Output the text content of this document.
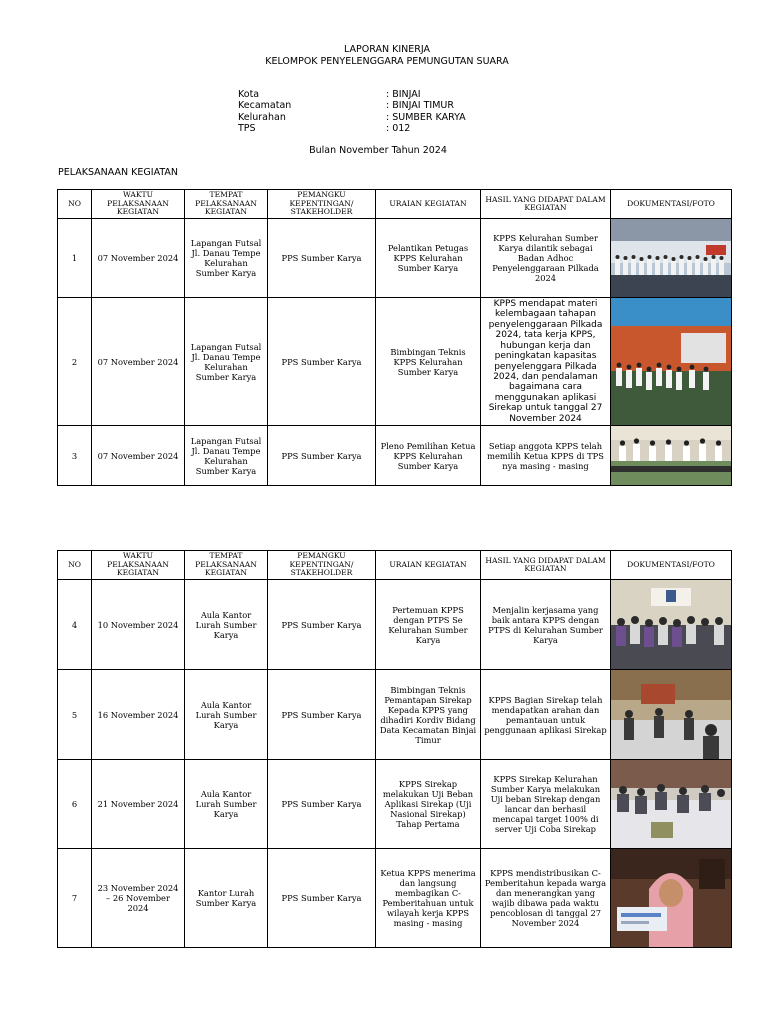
LAPORAN KINERJA
KELOMPOK PENYELENGGARA PEMUNGUTAN SUARA
Kota	: BINJAI
Kecamatan	: BINJAI TIMUR
Kelurahan	: SUMBER KARYA
TPS	: 012
Bulan November Tahun 2024
PELAKSANAAN KEGIATAN
NO	WAKTU PELAKSANAAN KEGIATAN	TEMPAT PELAKSANAAN KEGIATAN	PEMANGKU KEPENTINGAN/ STAKEHOLDER	URAIAN KEGIATAN	HASIL YANG DIDAPAT DALAM KEGIATAN	DOKUMENTASI/FOTO
1	07 November 2024	Lapangan Futsal Jl. Danau Tempe Kelurahan Sumber Karya	PPS Sumber Karya	Pelantikan Petugas KPPS Kelurahan Sumber Karya	KPPS Kelurahan Sumber Karya dilantik sebagai Badan Adhoc Penyelenggaraan Pilkada 2024	

2	07 November 2024	Lapangan Futsal Jl. Danau Tempe Kelurahan Sumber Karya	PPS Sumber Karya	Bimbingan Teknis KPPS Kelurahan Sumber Karya	KPPS mendapat materi kelembagaan tahapan penyelenggaraan Pilkada 2024, tata kerja KPPS, hubungan kerja dan peningkatan kapasitas penyelenggara Pilkada 2024, dan pendalaman bagaimana cara menggunakan aplikasi Sirekap untuk tanggal 27 November 2024	

3	07 November 2024	Lapangan Futsal Jl. Danau Tempe Kelurahan Sumber Karya	PPS Sumber Karya	Pleno Pemilihan Ketua KPPS Kelurahan Sumber Karya	Setiap anggota KPPS telah memilih Ketua KPPS di TPS nya masing - masing	
NO	WAKTU PELAKSANAAN KEGIATAN	TEMPAT PELAKSANAAN KEGIATAN	PEMANGKU KEPENTINGAN/ STAKEHOLDER	URAIAN KEGIATAN	HASIL YANG DIDAPAT DALAM KEGIATAN	DOKUMENTASI/FOTO
4	10 November 2024	Aula Kantor Lurah Sumber Karya	PPS Sumber Karya	Pertemuan KPPS dengan PTPS Se Kelurahan Sumber Karya	Menjalin kerjasama yang baik antara KPPS dengan PTPS di Kelurahan Sumber Karya	

5	16 November 2024	Aula Kantor Lurah Sumber Karya	PPS Sumber Karya	Bimbingan Teknis Pemantapan Sirekap Kepada KPPS yang dihadiri Kordiv Bidang Data Kecamatan Binjai Timur	KPPS Bagian Sirekap telah mendapatkan arahan dan pemantauan untuk penggunaan aplikasi Sirekap	

6	21 November 2024	Aula Kantor Lurah Sumber Karya	PPS Sumber Karya	KPPS Sirekap melakukan Uji Beban Aplikasi Sirekap (Uji Nasional Sirekap) Tahap Pertama	KPPS Sirekap Kelurahan Sumber Karya melakukan Uji beban Sirekap dengan lancar dan berhasil mencapai target 100% di server Uji Coba Sirekap	

7	23 November 2024 – 26 November 2024	Kantor Lurah Sumber Karya	PPS Sumber Karya	Ketua KPPS menerima dan langsung membagikan C-Pemberitahuan untuk wilayah kerja KPPS masing - masing	KPPS mendistribusikan C-Pemberitahun kepada warga dan menerangkan yang wajib dibawa pada waktu pencoblosan di tanggal 27 November 2024	
